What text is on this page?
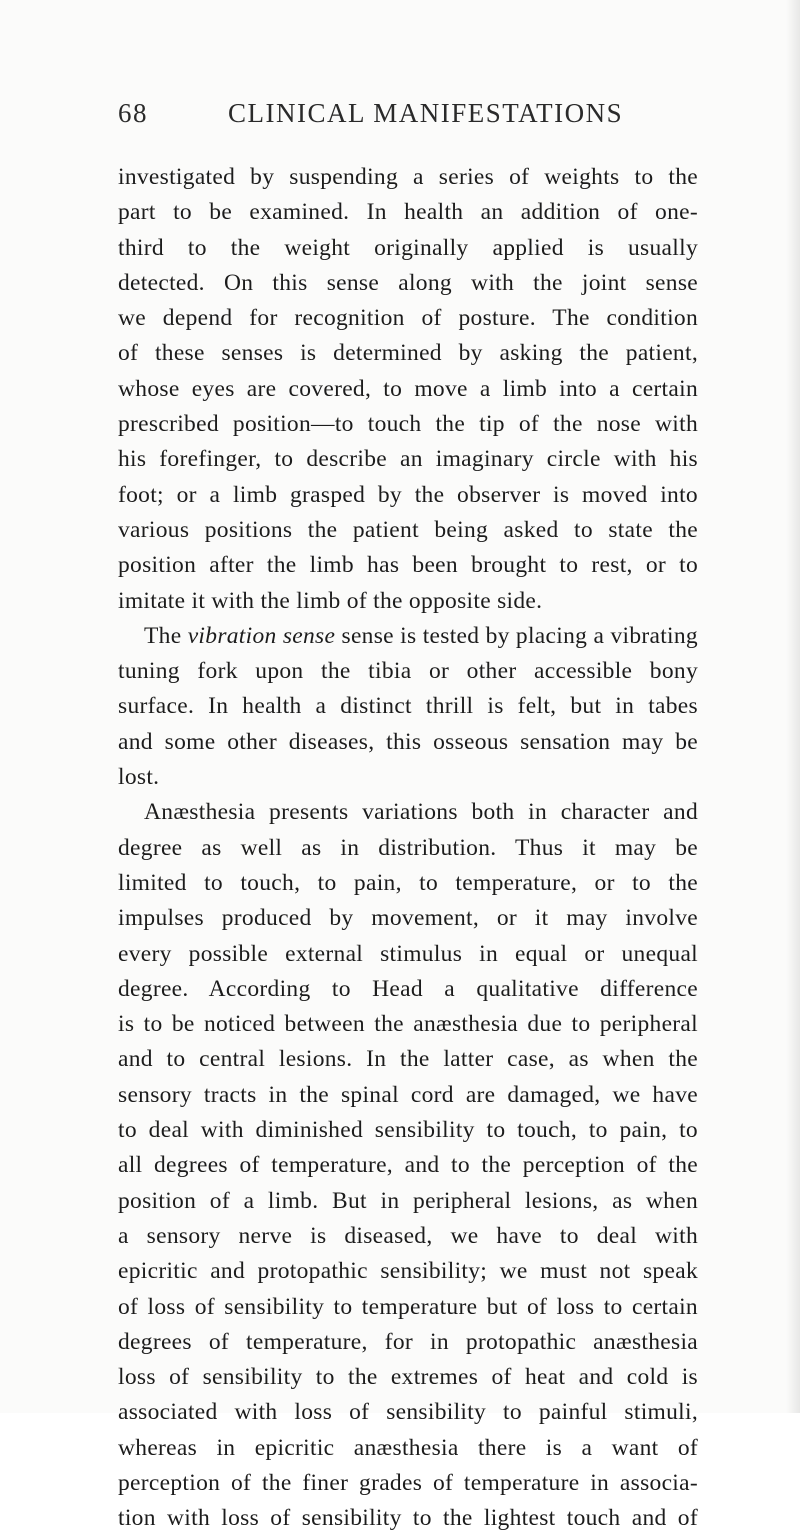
68	CLINICAL MANIFESTATIONS
investigated by suspending a series of weights to the
part to be examined. In health an addition of one-
third to the weight originally applied is usually
detected. On this sense along with the joint sense
we depend for recognition of posture. The condition
of these senses is determined by asking the patient,
whose eyes are covered, to move a limb into a certain
prescribed position—to touch the tip of the nose with
his forefinger, to describe an imaginary circle with his
foot; or a limb grasped by the observer is moved into
various positions the patient being asked to state the
position after the limb has been brought to rest, or to
imitate it with the limb of the opposite side.
The vibration sense sense is tested by placing a vibrating
tuning fork upon the tibia or other accessible bony
surface. In health a distinct thrill is felt, but in tabes
and some other diseases, this osseous sensation may be
lost.
Anæsthesia presents variations both in character and
degree as well as in distribution. Thus it may be
limited to touch, to pain, to temperature, or to the
impulses produced by movement, or it may involve
every possible external stimulus in equal or unequal
degree. According to Head a qualitative difference
is to be noticed between the anæsthesia due to peripheral
and to central lesions. In the latter case, as when the
sensory tracts in the spinal cord are damaged, we have
to deal with diminished sensibility to touch, to pain, to
all degrees of temperature, and to the perception of the
position of a limb. But in peripheral lesions, as when
a sensory nerve is diseased, we have to deal with
epicritic and protopathic sensibility; we must not speak
of loss of sensibility to temperature but of loss to certain
degrees of temperature, for in protopathic anæsthesia
loss of sensibility to the extremes of heat and cold is
associated with loss of sensibility to painful stimuli,
whereas in epicritic anæsthesia there is a want of
perception of the finer grades of temperature in associa-
tion with loss of sensibility to the lightest touch and of
